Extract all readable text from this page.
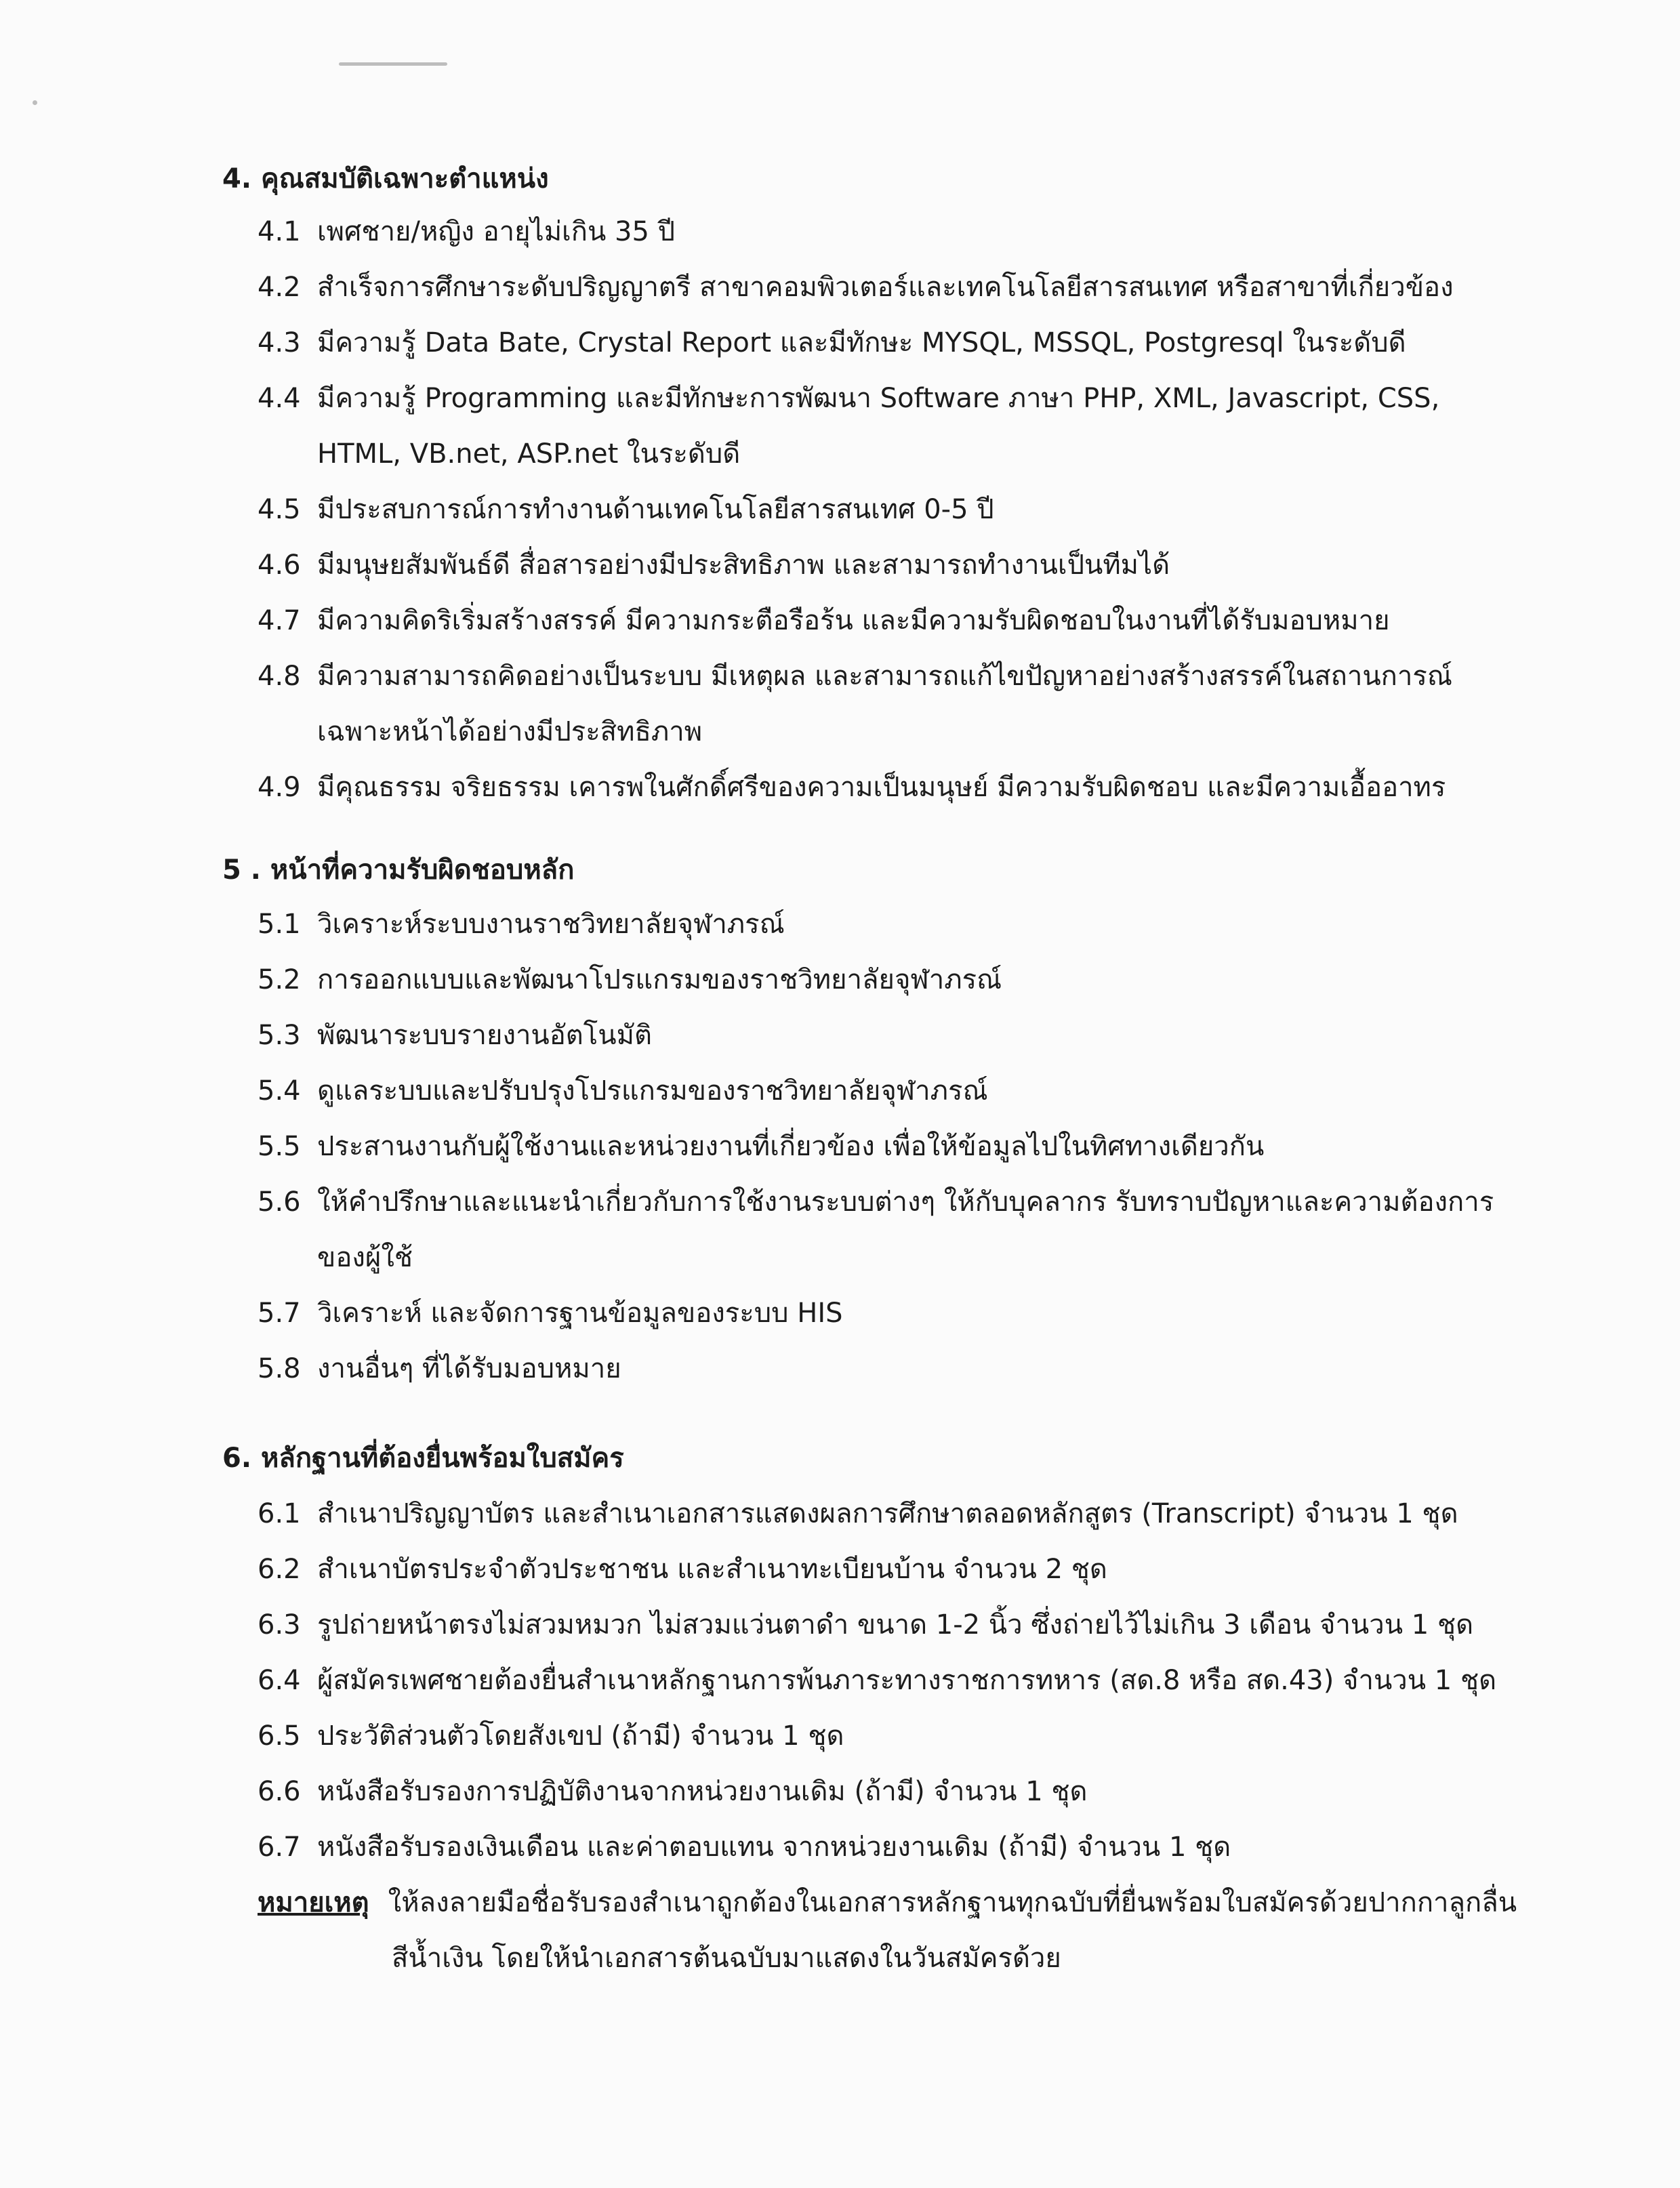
4. คุณสมบัติเฉพาะตำแหน่ง
4.1 เพศชาย/หญิง อายุไม่เกิน 35 ปี
4.2 สำเร็จการศึกษาระดับปริญญาตรี สาขาคอมพิวเตอร์และเทคโนโลยีสารสนเทศ หรือสาขาที่เกี่ยวข้อง
4.3 มีความรู้ Data Bate, Crystal Report และมีทักษะ MYSQL, MSSQL, Postgresql ในระดับดี
4.4 มีความรู้ Programming และมีทักษะการพัฒนา Software ภาษา PHP, XML, Javascript, CSS,
HTML, VB.net, ASP.net ในระดับดี
4.5 มีประสบการณ์การทำงานด้านเทคโนโลยีสารสนเทศ 0-5 ปี
4.6 มีมนุษยสัมพันธ์ดี สื่อสารอย่างมีประสิทธิภาพ และสามารถทำงานเป็นทีมได้
4.7 มีความคิดริเริ่มสร้างสรรค์ มีความกระตือรือร้น และมีความรับผิดชอบในงานที่ได้รับมอบหมาย
4.8 มีความสามารถคิดอย่างเป็นระบบ มีเหตุผล และสามารถแก้ไขปัญหาอย่างสร้างสรรค์ในสถานการณ์
เฉพาะหน้าได้อย่างมีประสิทธิภาพ
4.9 มีคุณธรรม จริยธรรม เคารพในศักดิ์ศรีของความเป็นมนุษย์ มีความรับผิดชอบ และมีความเอื้ออาทร
5 . หน้าที่ความรับผิดชอบหลัก
5.1 วิเคราะห์ระบบงานราชวิทยาลัยจุฬาภรณ์
5.2 การออกแบบและพัฒนาโปรแกรมของราชวิทยาลัยจุฬาภรณ์
5.3 พัฒนาระบบรายงานอัตโนมัติ
5.4 ดูแลระบบและปรับปรุงโปรแกรมของราชวิทยาลัยจุฬาภรณ์
5.5 ประสานงานกับผู้ใช้งานและหน่วยงานที่เกี่ยวข้อง เพื่อให้ข้อมูลไปในทิศทางเดียวกัน
5.6 ให้คำปรึกษาและแนะนำเกี่ยวกับการใช้งานระบบต่างๆ ให้กับบุคลากร รับทราบปัญหาและความต้องการ
ของผู้ใช้
5.7 วิเคราะห์ และจัดการฐานข้อมูลของระบบ HIS
5.8 งานอื่นๆ ที่ได้รับมอบหมาย
6. หลักฐานที่ต้องยื่นพร้อมใบสมัคร
6.1 สำเนาปริญญาบัตร และสำเนาเอกสารแสดงผลการศึกษาตลอดหลักสูตร (Transcript) จำนวน 1 ชุด
6.2 สำเนาบัตรประจำตัวประชาชน และสำเนาทะเบียนบ้าน จำนวน 2 ชุด
6.3 รูปถ่ายหน้าตรงไม่สวมหมวก ไม่สวมแว่นตาดำ ขนาด 1-2 นิ้ว ซึ่งถ่ายไว้ไม่เกิน 3 เดือน จำนวน 1 ชุด
6.4 ผู้สมัครเพศชายต้องยื่นสำเนาหลักฐานการพ้นภาระทางราชการทหาร (สด.8 หรือ สด.43) จำนวน 1 ชุด
6.5 ประวัติส่วนตัวโดยสังเขป (ถ้ามี) จำนวน 1 ชุด
6.6 หนังสือรับรองการปฏิบัติงานจากหน่วยงานเดิม (ถ้ามี) จำนวน 1 ชุด
6.7 หนังสือรับรองเงินเดือน และค่าตอบแทน จากหน่วยงานเดิม (ถ้ามี) จำนวน 1 ชุด
หมายเหตุ ให้ลงลายมือชื่อรับรองสำเนาถูกต้องในเอกสารหลักฐานทุกฉบับที่ยื่นพร้อมใบสมัครด้วยปากกาลูกลื่น
สีน้ำเงิน โดยให้นำเอกสารต้นฉบับมาแสดงในวันสมัครด้วย
